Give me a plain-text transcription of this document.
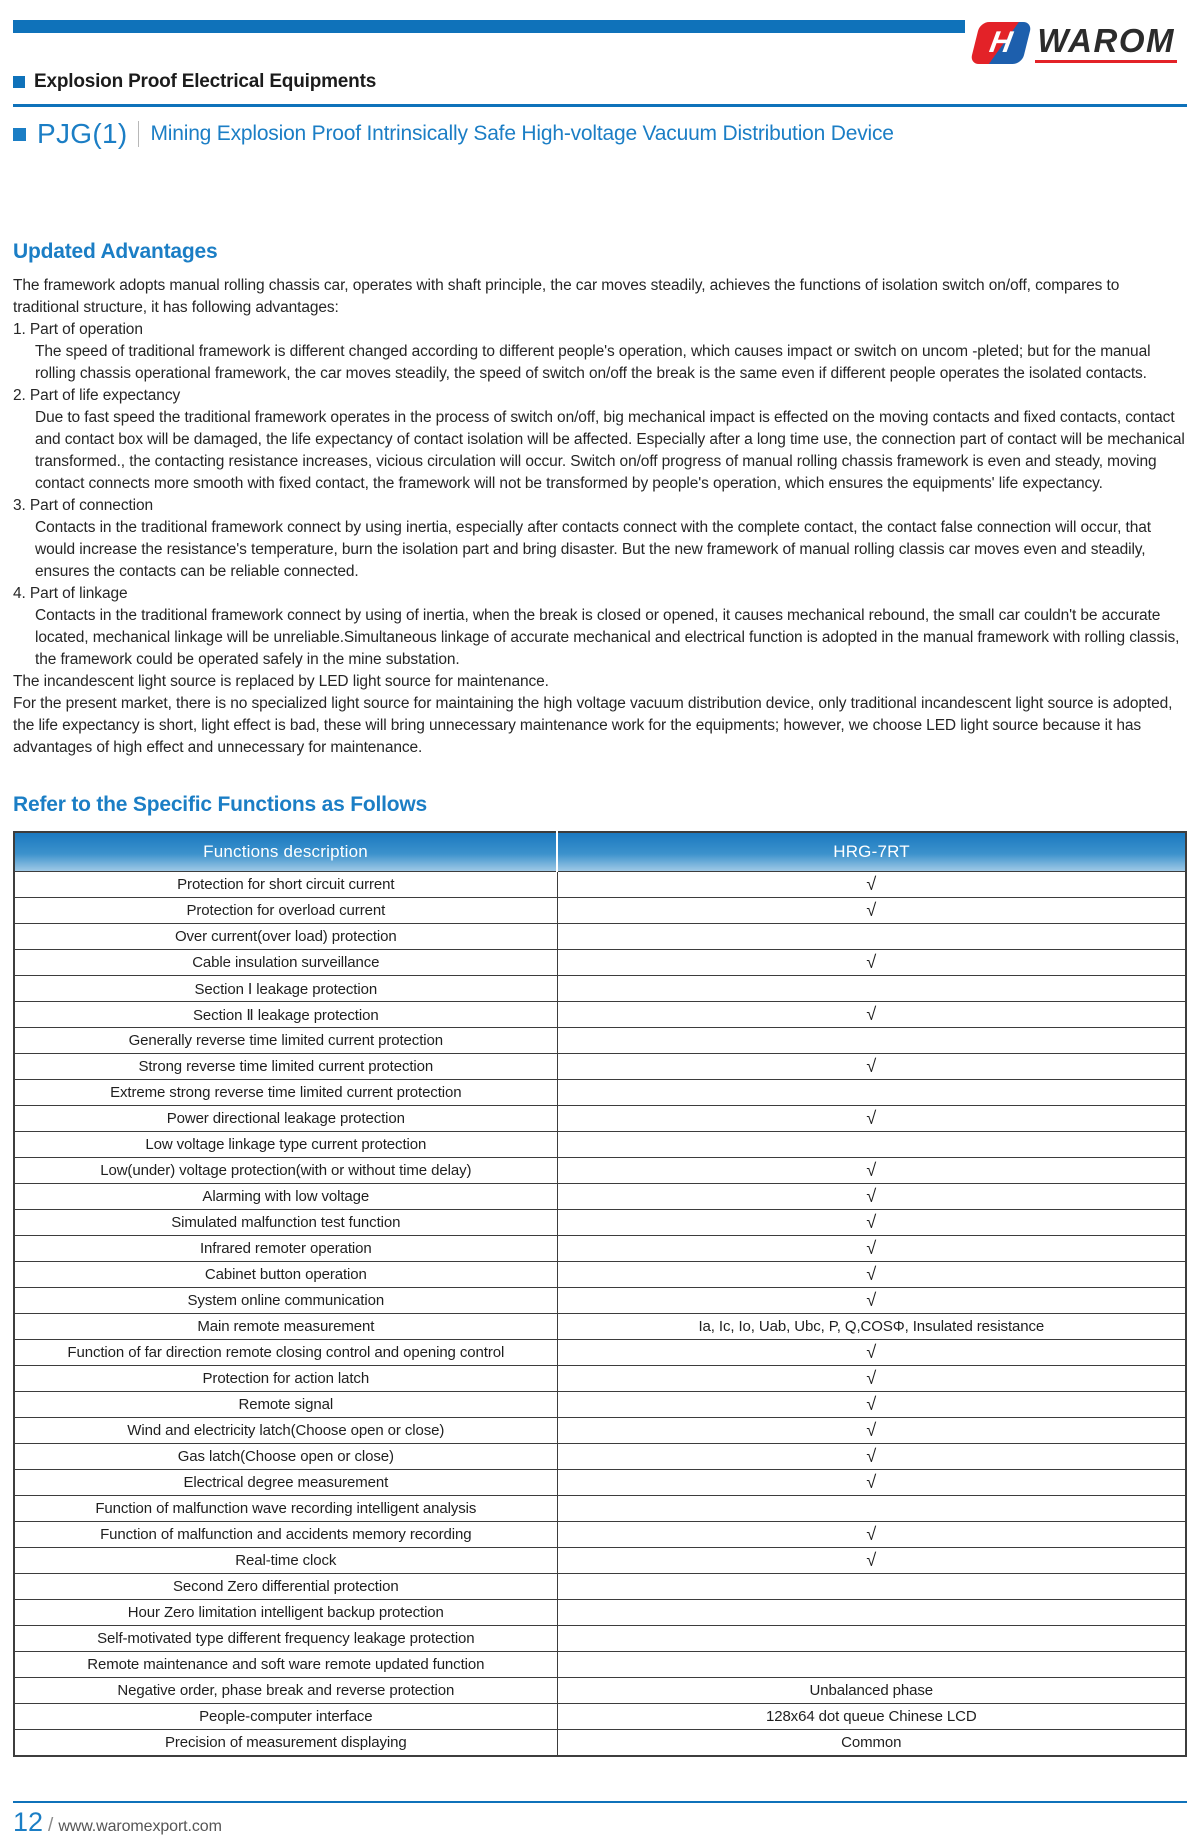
H WAROM
Explosion Proof Electrical Equipments
PJG(1) Mining Explosion Proof Intrinsically Safe High-voltage Vacuum Distribution Device
Updated Advantages

The framework adopts manual rolling chassis car, operates with shaft principle, the car moves steadily, achieves the functions of isolation switch on/off, compares to traditional structure, it has following advantages:

1. Part of operation

The speed of traditional framework is different changed according to different people's operation, which causes impact or switch on uncom -pleted; but for the manual rolling chassis operational framework, the car moves steadily, the speed of switch on/off the break is the same even if different people operates the isolated contacts.

2. Part of life expectancy

Due to fast speed the traditional framework operates in the process of switch on/off, big mechanical impact is effected on the moving contacts and fixed contacts, contact and contact box will be damaged, the life expectancy of contact isolation will be affected. Especially after a long time use, the connection part of contact will be mechanical transformed., the contacting resistance increases, vicious circulation will occur. Switch on/off progress of manual rolling chassis framework is even and steady, moving contact connects more smooth with fixed contact, the framework will not be transformed by people's operation, which ensures the equipments' life expectancy.

3. Part of connection

Contacts in the traditional framework connect by using inertia, especially after contacts connect with the complete contact, the contact false connection will occur, that would increase the resistance's temperature, burn the isolation part and bring disaster. But the new framework of manual rolling classis car moves even and steadily, ensures the contacts can be reliable connected.

4. Part of linkage

Contacts in the traditional framework connect by using of inertia, when the break is closed or opened, it causes mechanical rebound, the small car couldn't be accurate located, mechanical linkage will be unreliable.Simultaneous linkage of accurate mechanical and electrical function is adopted in the manual framework with rolling classis, the framework could be operated safely in the mine substation.

The incandescent light source is replaced by LED light source for maintenance.

For the present market, there is no specialized light source for maintaining the high voltage vacuum distribution device, only traditional incandescent light source is adopted, the life expectancy is short, light effect is bad, these will bring unnecessary maintenance work for the equipments; however, we choose LED light source because it has advantages of high effect and unnecessary for maintenance.

Refer to the Specific Functions as Follows
Functions description	HRG-7RT
Protection for short circuit current	√
Protection for overload current	√
Over current(over load) protection	
Cable insulation surveillance	√
Section Ⅰ leakage protection	
Section Ⅱ leakage protection	√
Generally reverse time limited current protection	
Strong reverse time limited current protection	√
Extreme strong reverse time limited current protection	
Power directional leakage protection	√
Low voltage linkage type current protection	
Low(under) voltage protection(with or without time delay)	√
Alarming with low voltage	√
Simulated malfunction test function	√
Infrared remoter operation	√
Cabinet button operation	√
System online communication	√
Main remote measurement	Ia, Ic, Io, Uab, Ubc, P, Q,COSΦ, Insulated resistance
Function of far direction remote closing control and opening control	√
Protection for action latch	√
Remote signal	√
Wind and electricity latch(Choose open or close)	√
Gas latch(Choose open or close)	√
Electrical degree measurement	√
Function of malfunction wave recording intelligent analysis	
Function of malfunction and accidents memory recording	√
Real-time clock	√
Second Zero differential protection	
Hour Zero limitation intelligent backup protection	
Self-motivated type different frequency leakage protection	
Remote maintenance and soft ware remote updated function	
Negative order, phase break and reverse protection	Unbalanced phase
People-computer interface	128x64 dot queue Chinese LCD
Precision of measurement displaying	Common
12 / www.waromexport.com
